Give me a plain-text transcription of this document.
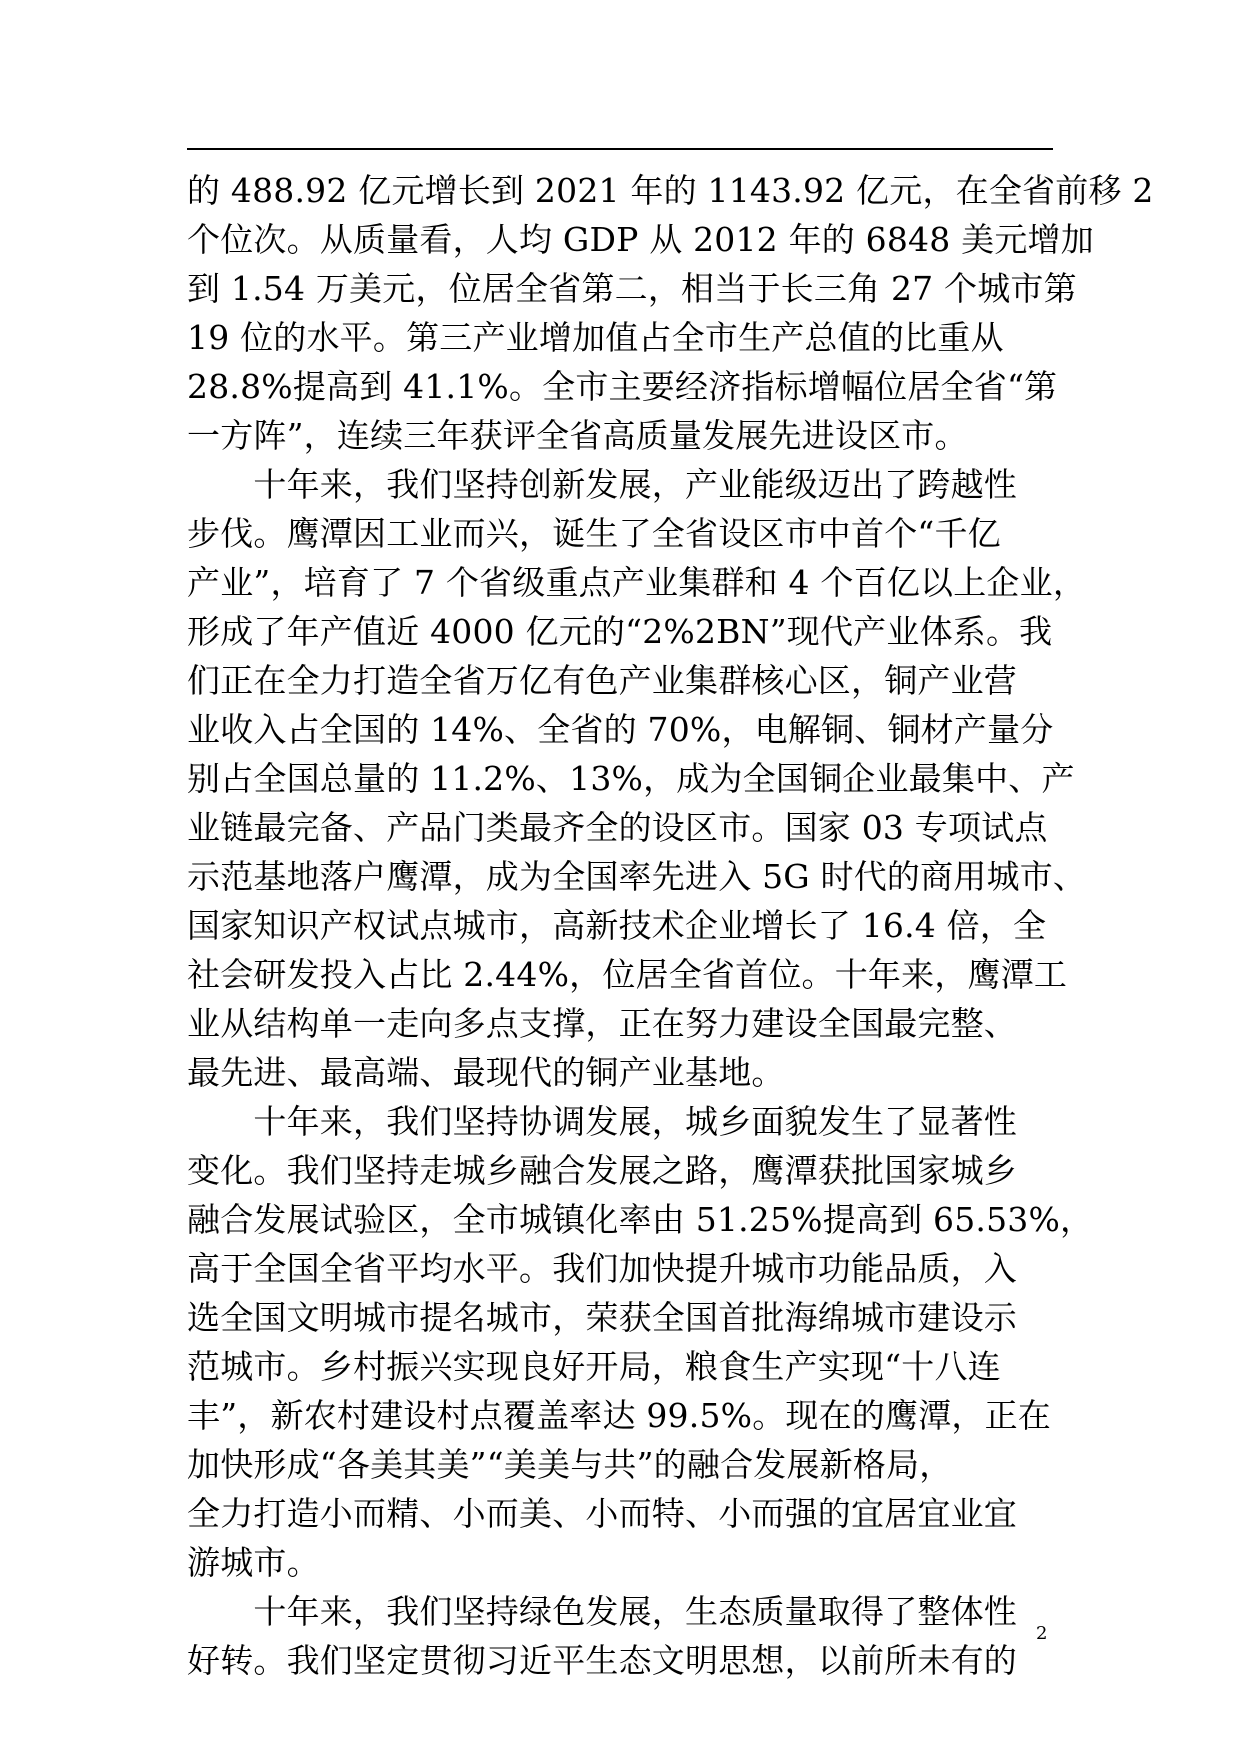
的 488.92 亿元增长到 2021 年的 1143.92 亿元，在全省前移 2
个位次。从质量看，人均 GDP 从 2012 年的 6848 美元增加
到 1.54 万美元，位居全省第二，相当于长三角 27 个城市第
19 位的水平。第三产业增加值占全市生产总值的比重从
28.8%提高到 41.1%。全市主要经济指标增幅位居全省“第
一方阵”，连续三年获评全省高质量发展先进设区市。
　　十年来，我们坚持创新发展，产业能级迈出了跨越性
步伐。鹰潭因工业而兴，诞生了全省设区市中首个“千亿
产业”，培育了 7 个省级重点产业集群和 4 个百亿以上企业，
形成了年产值近 4000 亿元的“2%2BN”现代产业体系。我
们正在全力打造全省万亿有色产业集群核心区，铜产业营
业收入占全国的 14%、全省的 70%，电解铜、铜材产量分
别占全国总量的 11.2%、13%，成为全国铜企业最集中、产
业链最完备、产品门类最齐全的设区市。国家 03 专项试点
示范基地落户鹰潭，成为全国率先进入 5G 时代的商用城市、
国家知识产权试点城市，高新技术企业增长了 16.4 倍，全
社会研发投入占比 2.44%，位居全省首位。十年来，鹰潭工
业从结构单一走向多点支撑，正在努力建设全国最完整、
最先进、最高端、最现代的铜产业基地。
　　十年来，我们坚持协调发展，城乡面貌发生了显著性
变化。我们坚持走城乡融合发展之路，鹰潭获批国家城乡
融合发展试验区，全市城镇化率由 51.25%提高到 65.53%，
高于全国全省平均水平。我们加快提升城市功能品质，入
选全国文明城市提名城市，荣获全国首批海绵城市建设示
范城市。乡村振兴实现良好开局，粮食生产实现“十八连
丰”，新农村建设村点覆盖率达 99.5%。现在的鹰潭，正在
加快形成“各美其美”“美美与共”的融合发展新格局，
全力打造小而精、小而美、小而特、小而强的宜居宜业宜
游城市。
　　十年来，我们坚持绿色发展，生态质量取得了整体性
好转。我们坚定贯彻习近平生态文明思想，以前所未有的
2
